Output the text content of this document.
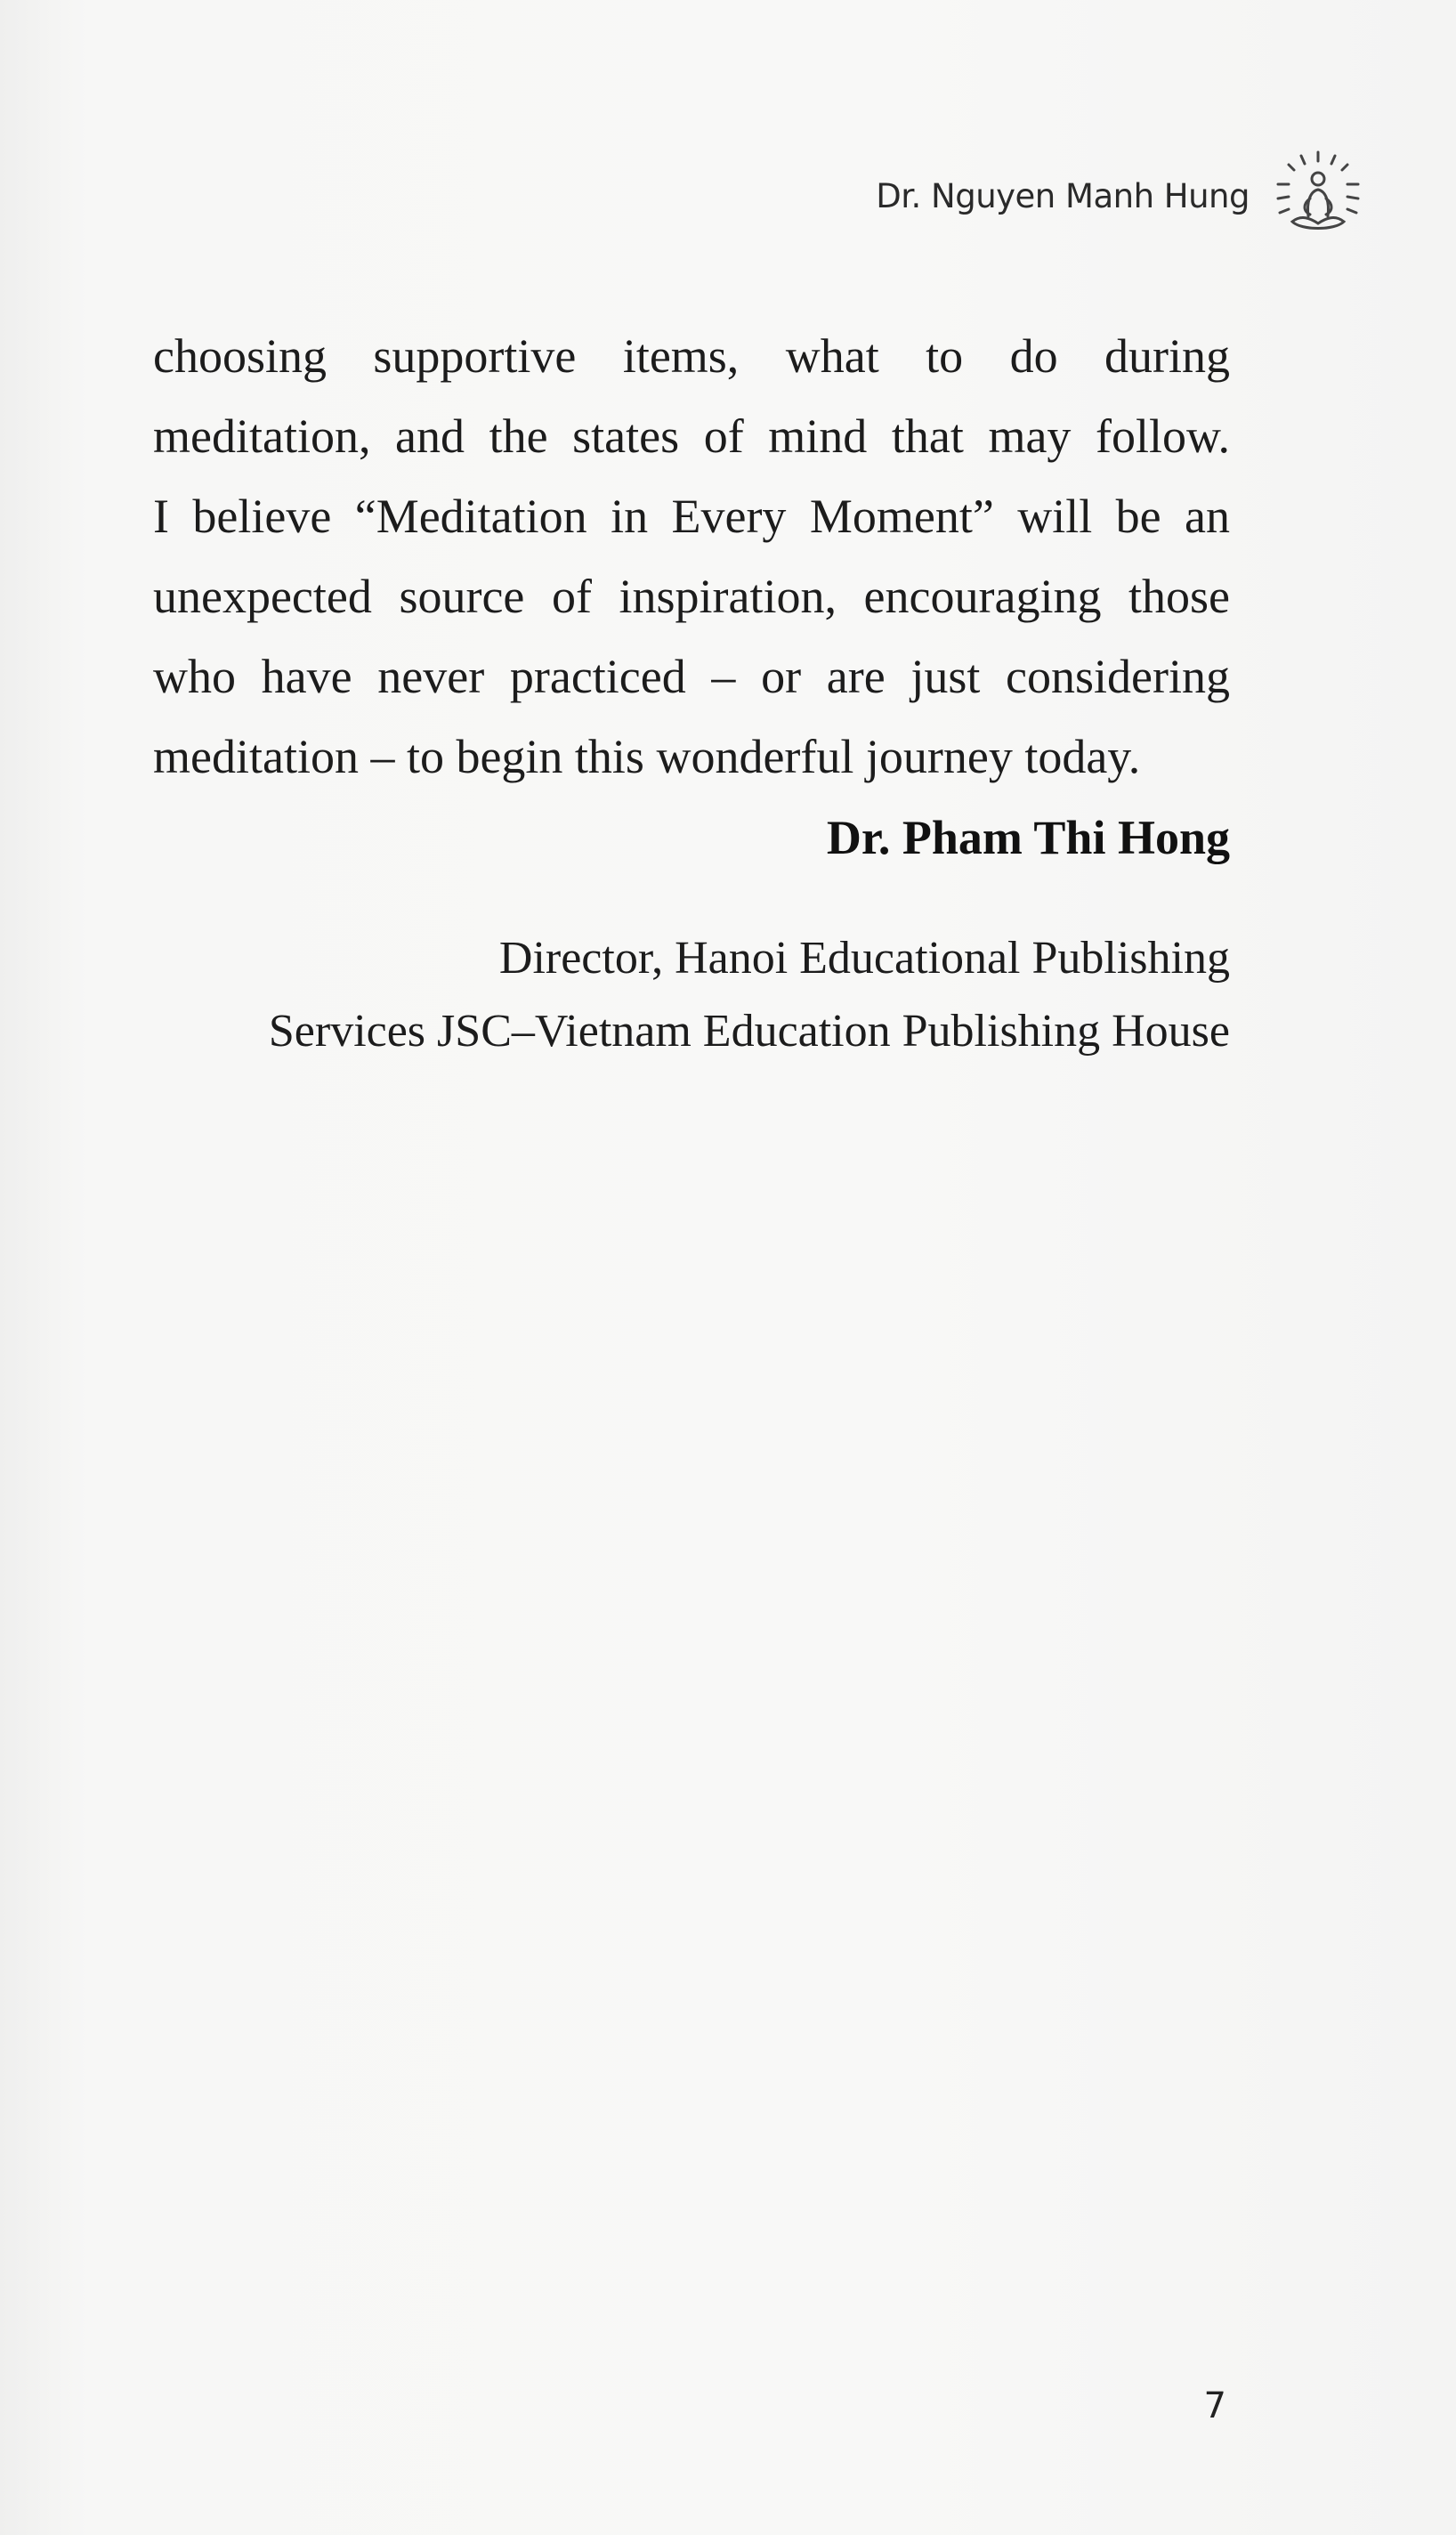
Dr. Nguyen Manh Hung

choosing supportive items, what to do during
meditation, and the states of mind that may follow.
I believe “Meditation in Every Moment” will be an
unexpected source of inspiration, encouraging those
who have never practiced – or are just considering
meditation – to begin this wonderful journey today.

Dr. Pham Thi Hong
Director, Hanoi Educational Publishing
Services JSC–Vietnam Education Publishing House
7
